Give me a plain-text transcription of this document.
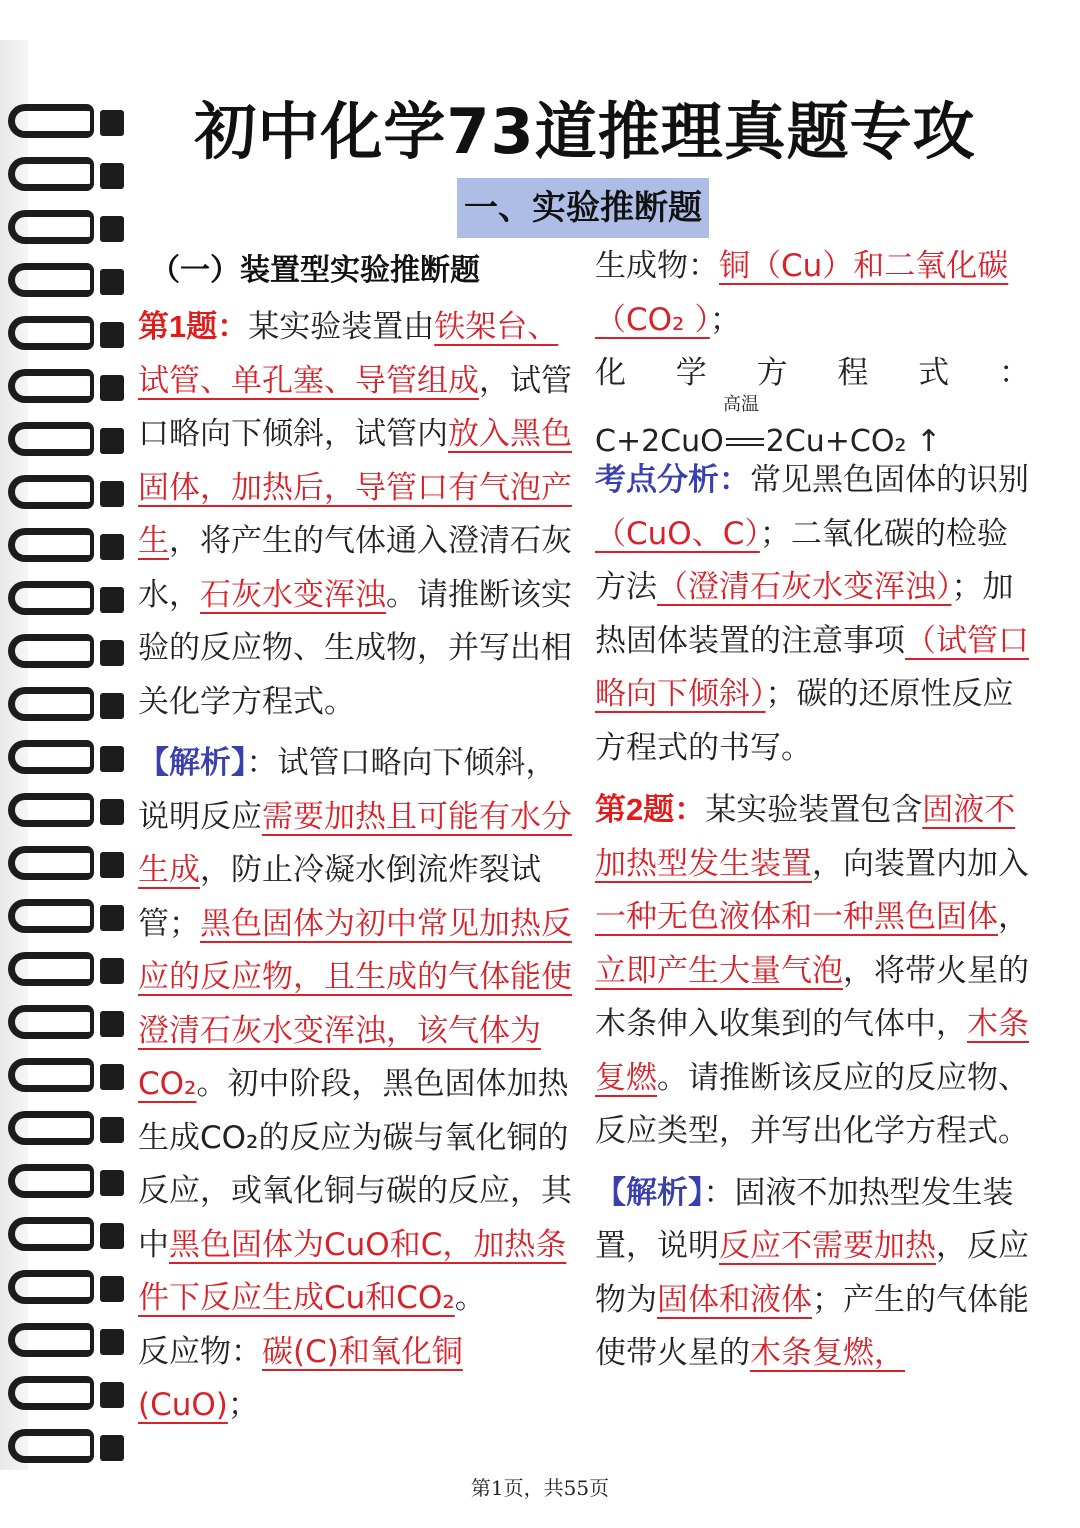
初中化学73道推理真题专攻
一、实验推断题
（一）装置型实验推断题

第1题：某实验装置由铁架台、试管、单孔塞、导管组成，试管口略向下倾斜，试管内放入黑色固体，加热后，导管口有气泡产生，将产生的气体通入澄清石灰水，石灰水变浑浊。请推断该实验的反应物、生成物，并写出相关化学方程式。

【解析】：试管口略向下倾斜，说明反应需要加热且可能有水分生成，防止冷凝水倒流炸裂试管；黑色固体为初中常见加热反应的反应物，且生成的气体能使澄清石灰水变浑浊，该气体为CO₂。初中阶段，黑色固体加热生成CO₂的反应为碳与氧化铜的反应，或氧化铜与碳的反应，其中黑色固体为CuO和C，加热条件下反应生成Cu和CO₂。

反应物：碳(C)和氧化铜(CuO)；

生成物：铜（Cu）和二氧化碳（CO₂ ）；

化 学 方 程 式 ：
高温
C+2CuO 2Cu+CO₂ ↑

考点分析：常见黑色固体的识别（CuO、C）；二氧化碳的检验方法（澄清石灰水变浑浊）；加热固体装置的注意事项（试管口略向下倾斜）；碳的还原性反应方程式的书写。

第2题：某实验装置包含固液不加热型发生装置，向装置内加入一种无色液体和一种黑色固体，立即产生大量气泡，将带火星的木条伸入收集到的气体中，木条复燃。请推断该反应的反应物、反应类型，并写出化学方程式。

【解析】：固液不加热型发生装置，说明反应不需要加热，反应物为固体和液体；产生的气体能使带火星的木条复燃，

第1页，共55页
